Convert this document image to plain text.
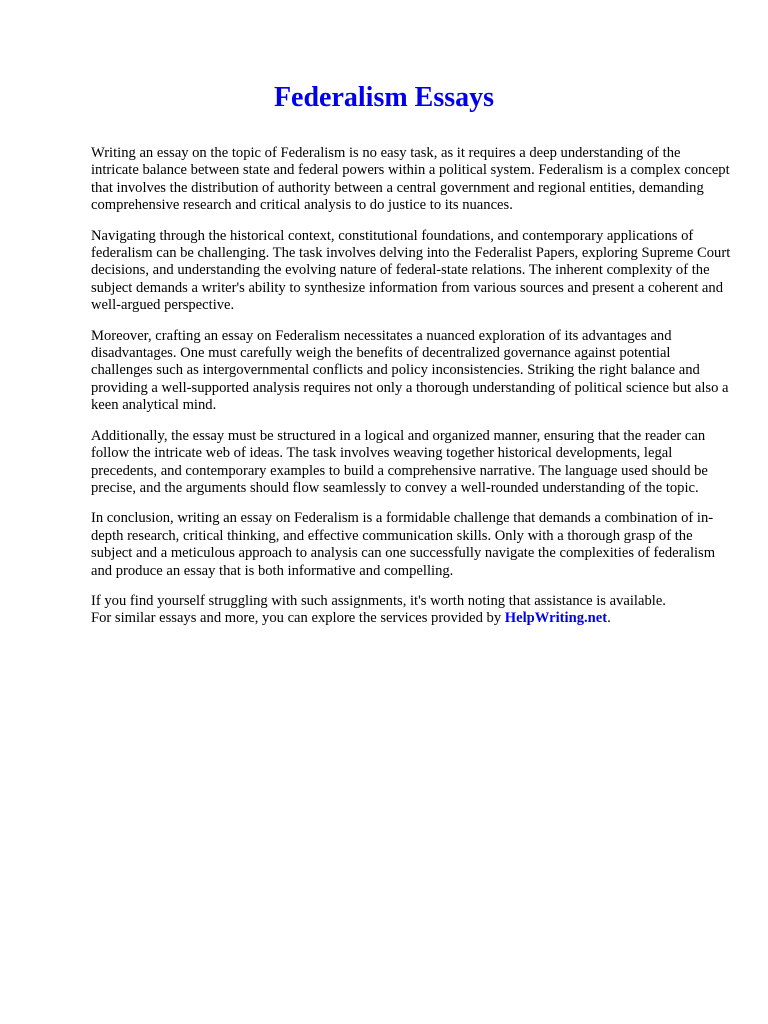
Federalism Essays

Writing an essay on the topic of Federalism is no easy task, as it requires a deep understanding of the intricate balance between state and federal powers within a political system. Federalism is a complex concept that involves the distribution of authority between a central government and regional entities, demanding comprehensive research and critical analysis to do justice to its nuances.

Navigating through the historical context, constitutional foundations, and contemporary applications of federalism can be challenging. The task involves delving into the Federalist Papers, exploring Supreme Court decisions, and understanding the evolving nature of federal-state relations. The inherent complexity of the subject demands a writer's ability to synthesize information from various sources and present a coherent and well-argued perspective.

Moreover, crafting an essay on Federalism necessitates a nuanced exploration of its advantages and disadvantages. One must carefully weigh the benefits of decentralized governance against potential challenges such as intergovernmental conflicts and policy inconsistencies. Striking the right balance and providing a well-supported analysis requires not only a thorough understanding of political science but also a keen analytical mind.

Additionally, the essay must be structured in a logical and organized manner, ensuring that the reader can follow the intricate web of ideas. The task involves weaving together historical developments, legal precedents, and contemporary examples to build a comprehensive narrative. The language used should be precise, and the arguments should flow seamlessly to convey a well-rounded understanding of the topic.

In conclusion, writing an essay on Federalism is a formidable challenge that demands a combination of in-depth research, critical thinking, and effective communication skills. Only with a thorough grasp of the subject and a meticulous approach to analysis can one successfully navigate the complexities of federalism and produce an essay that is both informative and compelling.

If you find yourself struggling with such assignments, it's worth noting that assistance is available.
For similar essays and more, you can explore the services provided by HelpWriting.net.
